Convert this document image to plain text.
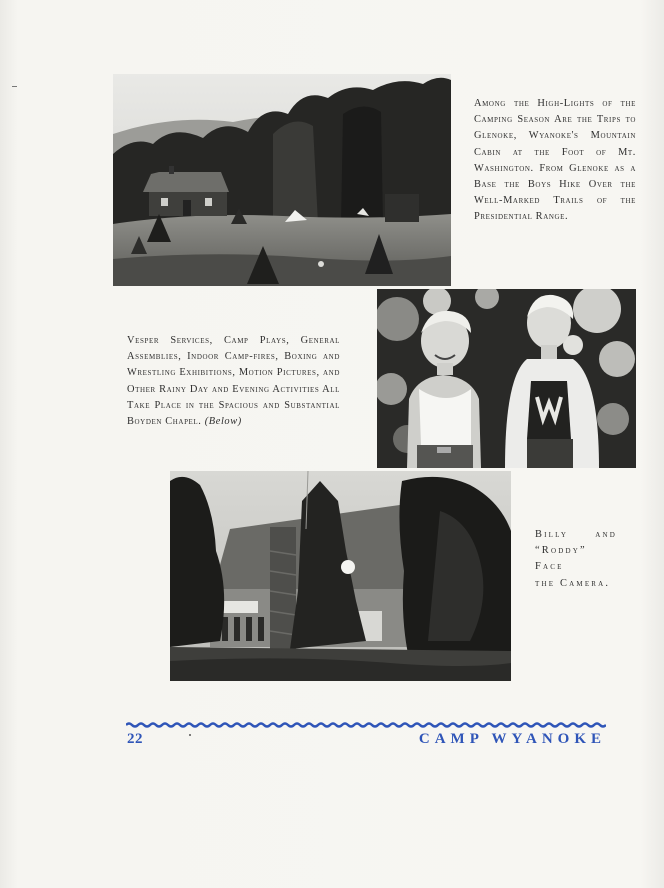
Among the High-Lights of the Camping Season Are the Trips to Glenoke, Wyanoke's Mountain Cabin at the Foot of Mt. Washington. From Glenoke as a Base the Boys Hike Over the Well-Marked Trails of the Presidential Range.
Vesper Services, Camp Plays, General Assemblies, Indoor Camp-fires, Boxing and Wrestling Exhibitions, Motion Pictures, and Other Rainy Day and Evening Activities All Take Place in the Spacious and Substantial Boyden Chapel. (Below)
Billy	and
“Roddy” Face
the Camera.
22	CAMP WYANOKE
